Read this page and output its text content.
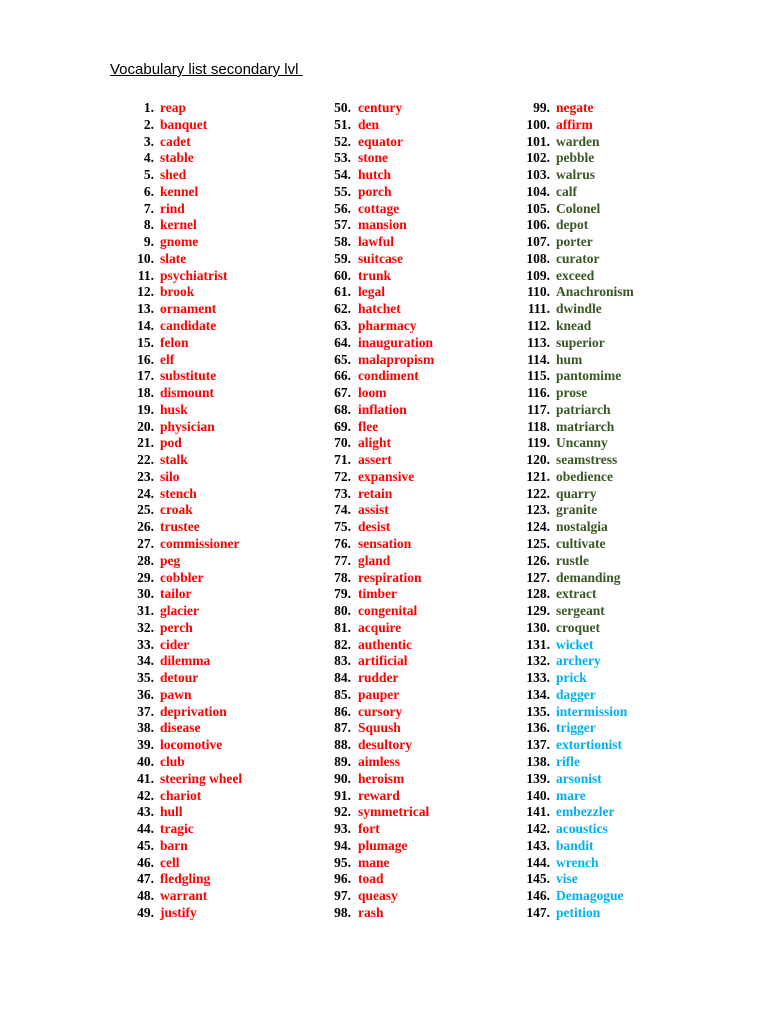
Vocabulary list secondary lvl
1. reap
2. banquet
3. cadet
4. stable
5. shed
6. kennel
7. rind
8. kernel
9. gnome
10. slate
11. psychiatrist
12. brook
13. ornament
14. candidate
15. felon
16. elf
17. substitute
18. dismount
19. husk
20. physician
21. pod
22. stalk
23. silo
24. stench
25. croak
26. trustee
27. commissioner
28. peg
29. cobbler
30. tailor
31. glacier
32. perch
33. cider
34. dilemma
35. detour
36. pawn
37. deprivation
38. disease
39. locomotive
40. club
41. steering wheel
42. chariot
43. hull
44. tragic
45. barn
46. cell
47. fledgling
48. warrant
49. justify
50. century
51. den
52. equator
53. stone
54. hutch
55. porch
56. cottage
57. mansion
58. lawful
59. suitcase
60. trunk
61. legal
62. hatchet
63. pharmacy
64. inauguration
65. malapropism
66. condiment
67. loom
68. inflation
69. flee
70. alight
71. assert
72. expansive
73. retain
74. assist
75. desist
76. sensation
77. gland
78. respiration
79. timber
80. congenital
81. acquire
82. authentic
83. artificial
84. rudder
85. pauper
86. cursory
87. Squush
88. desultory
89. aimless
90. heroism
91. reward
92. symmetrical
93. fort
94. plumage
95. mane
96. toad
97. queasy
98. rash
99. negate
100. affirm
101. warden
102. pebble
103. walrus
104. calf
105. Colonel
106. depot
107. porter
108. curator
109. exceed
110. Anachronism
111. dwindle
112. knead
113. superior
114. hum
115. pantomime
116. prose
117. patriarch
118. matriarch
119. Uncanny
120. seamstress
121. obedience
122. quarry
123. granite
124. nostalgia
125. cultivate
126. rustle
127. demanding
128. extract
129. sergeant
130. croquet
131. wicket
132. archery
133. prick
134. dagger
135. intermission
136. trigger
137. extortionist
138. rifle
139. arsonist
140. mare
141. embezzler
142. acoustics
143. bandit
144. wrench
145. vise
146. Demagogue
147. petition
